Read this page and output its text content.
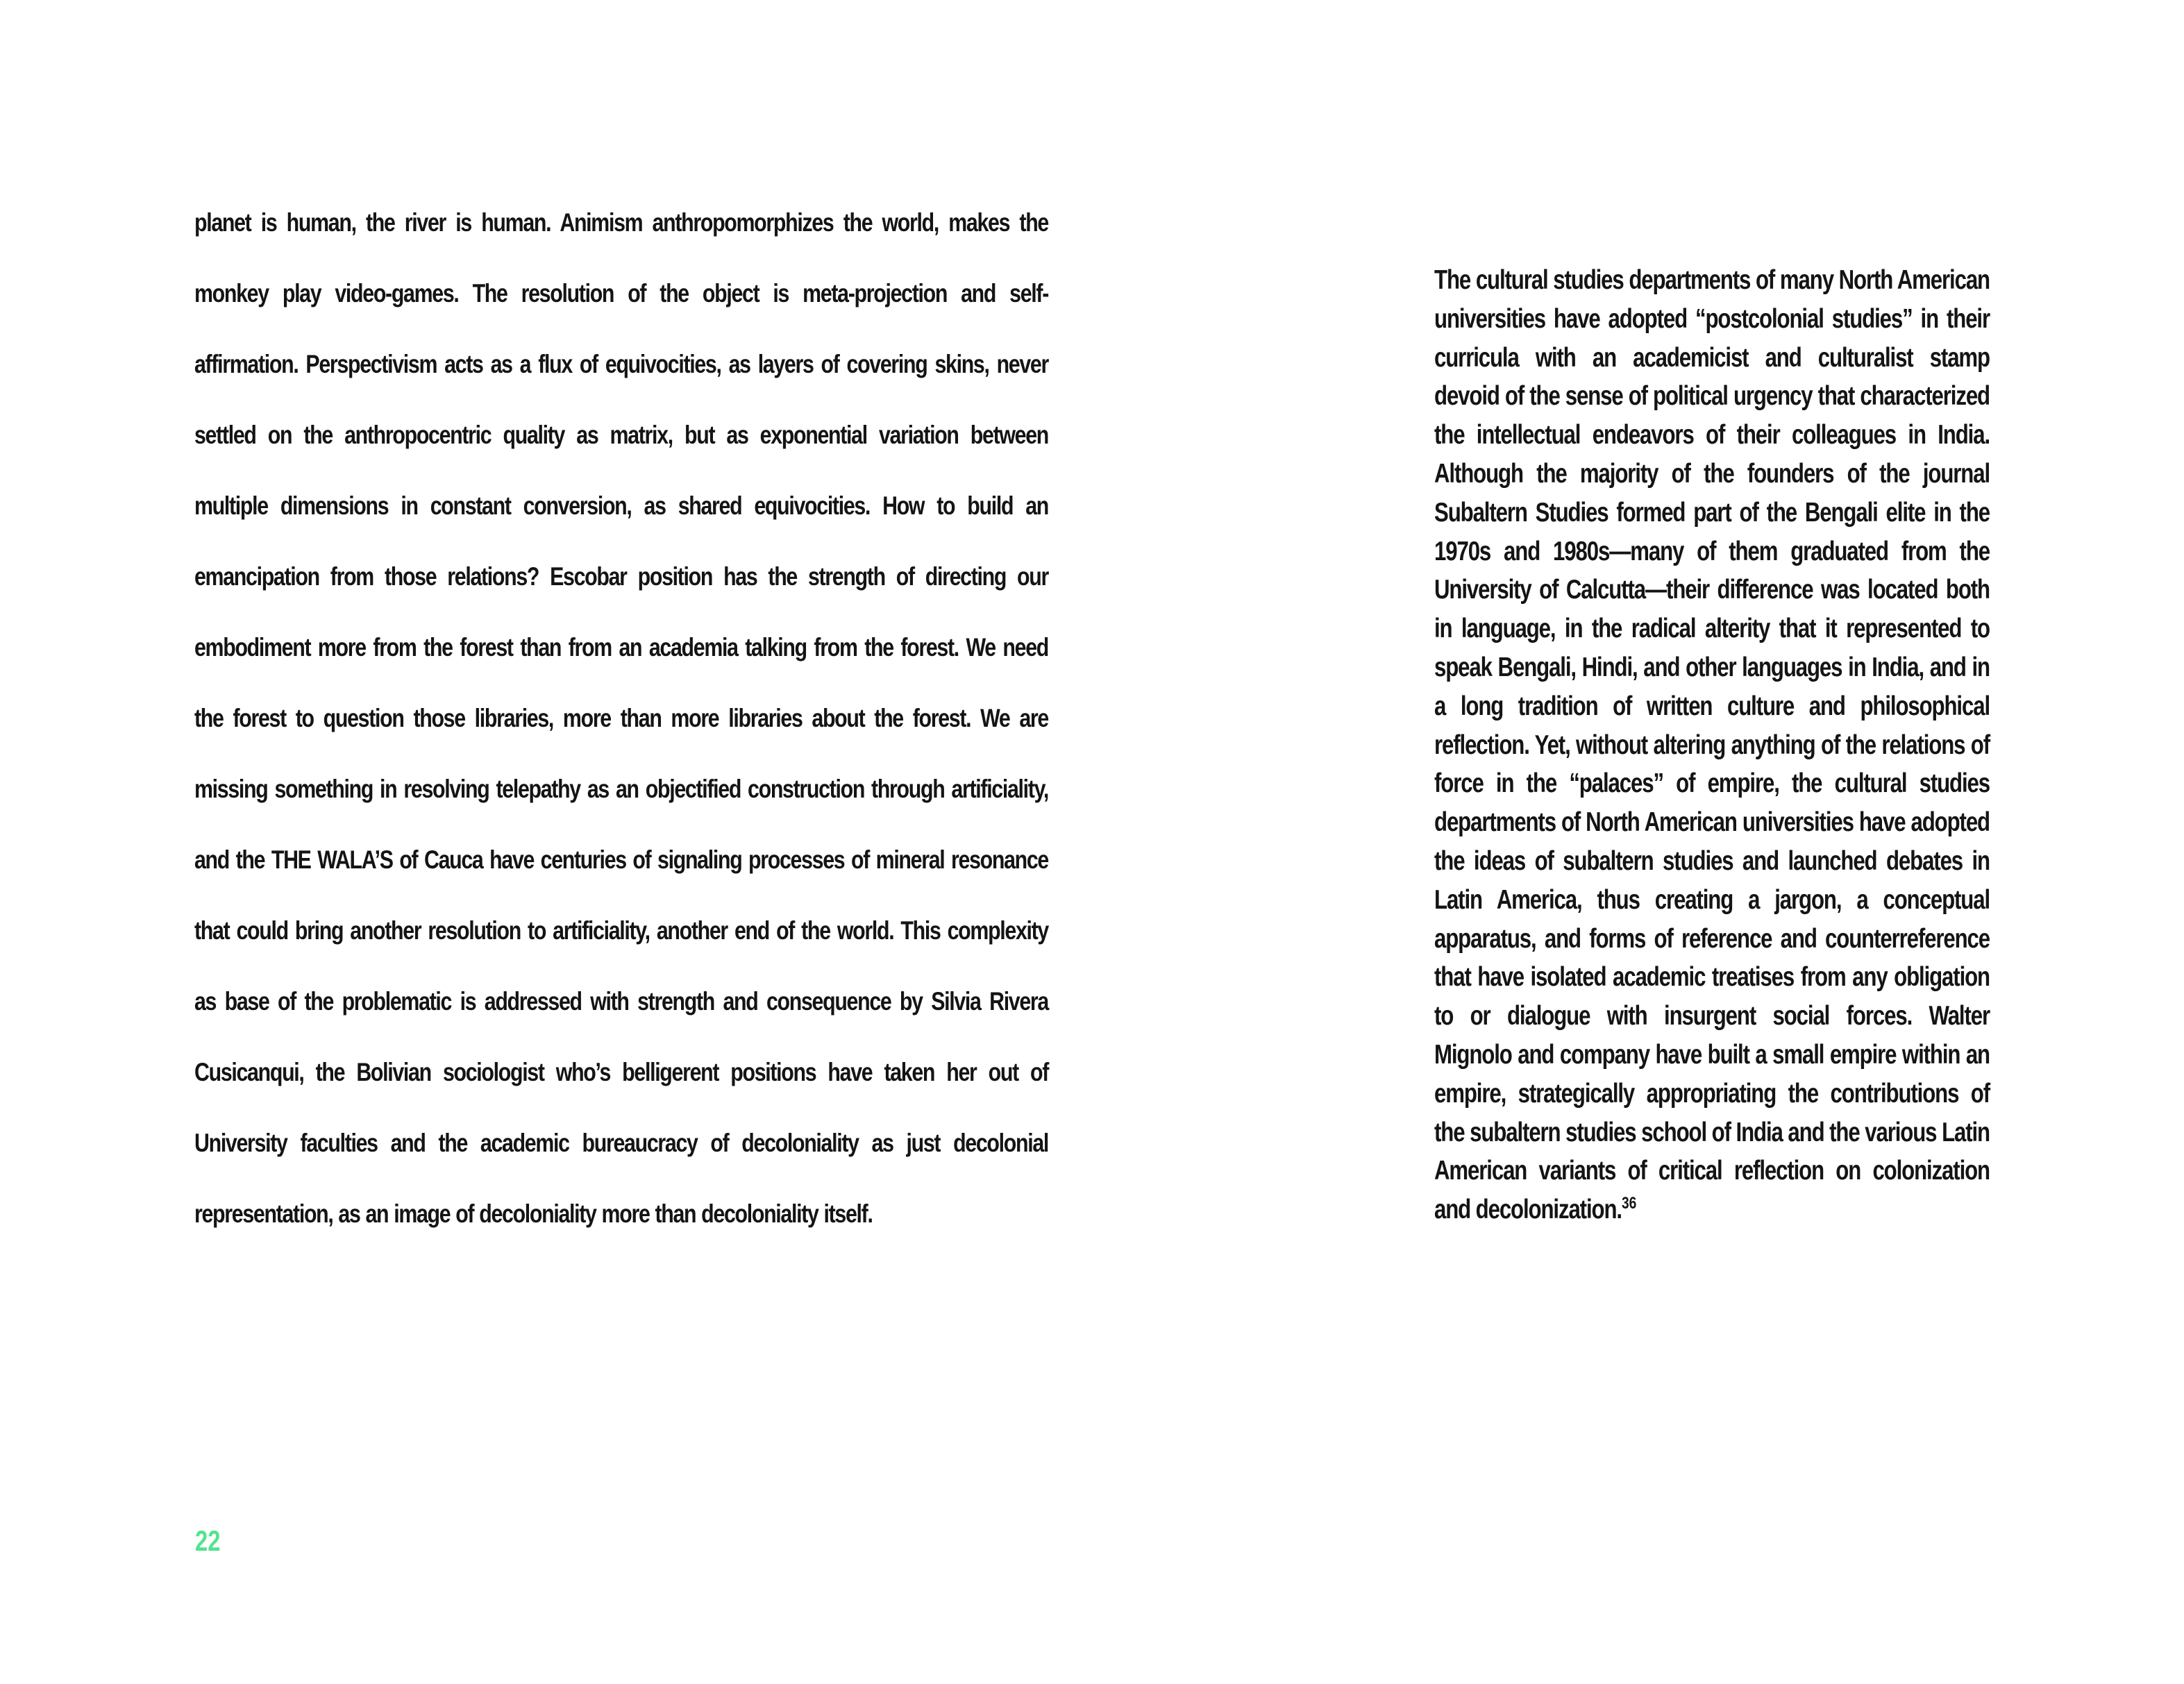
planet is human, the river is human. Animism anthropomorphizes the world, makes the monkey play video-games. The resolution of the object is meta-projection and self-affirmation. Perspectivism acts as a flux of equivocities, as layers of covering skins, never settled on the anthropocentric quality as matrix, but as exponential variation between multiple dimensions in constant conversion, as shared equivocities. How to build an emancipation from those relations? Escobar position has the strength of directing our embodiment more from the forest than from an academia talking from the forest. We need the forest to question those libraries, more than more libraries about the forest. We are missing something in resolving telepathy as an objectified construction through artificiality, and the THE WALA’S of Cauca have centuries of signaling processes of mineral resonance that could bring another resolution to artificiality, another end of the world. This complexity as base of the problematic is addressed with strength and consequence by Silvia Rivera Cusicanqui, the Bolivian sociologist who’s belligerent positions have taken her out of University faculties and the academic bureaucracy of decoloniality as just decolonial representation, as an image of decoloniality more than decoloniality itself.

The cultural studies departments of many North American universities have adopted “postcolonial studies” in their curricula with an academicist and culturalist stamp devoid of the sense of political urgency that characterized the intellectual endeavors of their colleagues in India. Although the majority of the founders of the journal Subaltern Studies formed part of the Bengali elite in the 1970s and 1980s—many of them graduated from the University of Calcutta—their difference was located both in language, in the radical alterity that it represented to speak Bengali, Hindi, and other languages in India, and in a long tradition of written culture and philosophical reflection. Yet, without altering anything of the relations of force in the “palaces” of empire, the cultural studies departments of North American universities have adopted the ideas of subaltern studies and launched debates in Latin America, thus creating a jargon, a conceptual apparatus, and forms of reference and counterreference that have isolated academic treatises from any obligation to or dialogue with insurgent social forces. Walter Mignolo and company have built a small empire within an empire, strategically appropriating the contributions of the subaltern studies school of India and the various Latin American variants of critical reflection on colonization and decolonization.$^{36}$

22
